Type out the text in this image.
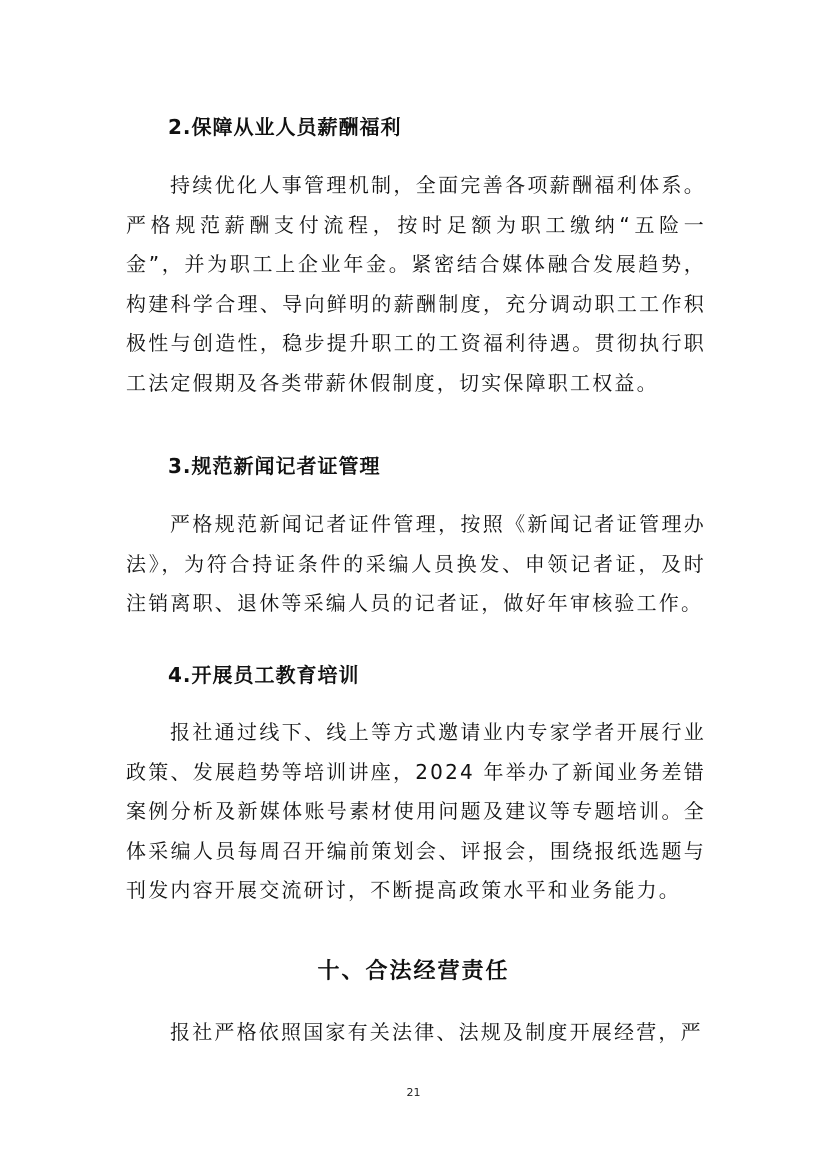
2.保障从业人员薪酬福利

持续优化人事管理机制，全面完善各项薪酬福利体系。严格规范薪酬支付流程，按时足额为职工缴纳“五险一金”，并为职工上企业年金。紧密结合媒体融合发展趋势，构建科学合理、导向鲜明的薪酬制度，充分调动职工工作积极性与创造性，稳步提升职工的工资福利待遇。贯彻执行职工法定假期及各类带薪休假制度，切实保障职工权益。

3.规范新闻记者证管理

严格规范新闻记者证件管理，按照《新闻记者证管理办法》，为符合持证条件的采编人员换发、申领记者证，及时注销离职、退休等采编人员的记者证，做好年审核验工作。

4.开展员工教育培训

报社通过线下、线上等方式邀请业内专家学者开展行业政策、发展趋势等培训讲座，2024 年举办了新闻业务差错案例分析及新媒体账号素材使用问题及建议等专题培训。全体采编人员每周召开编前策划会、评报会，围绕报纸选题与刊发内容开展交流研讨，不断提高政策水平和业务能力。

十、合法经营责任

报社严格依照国家有关法律、法规及制度开展经营，严

21
